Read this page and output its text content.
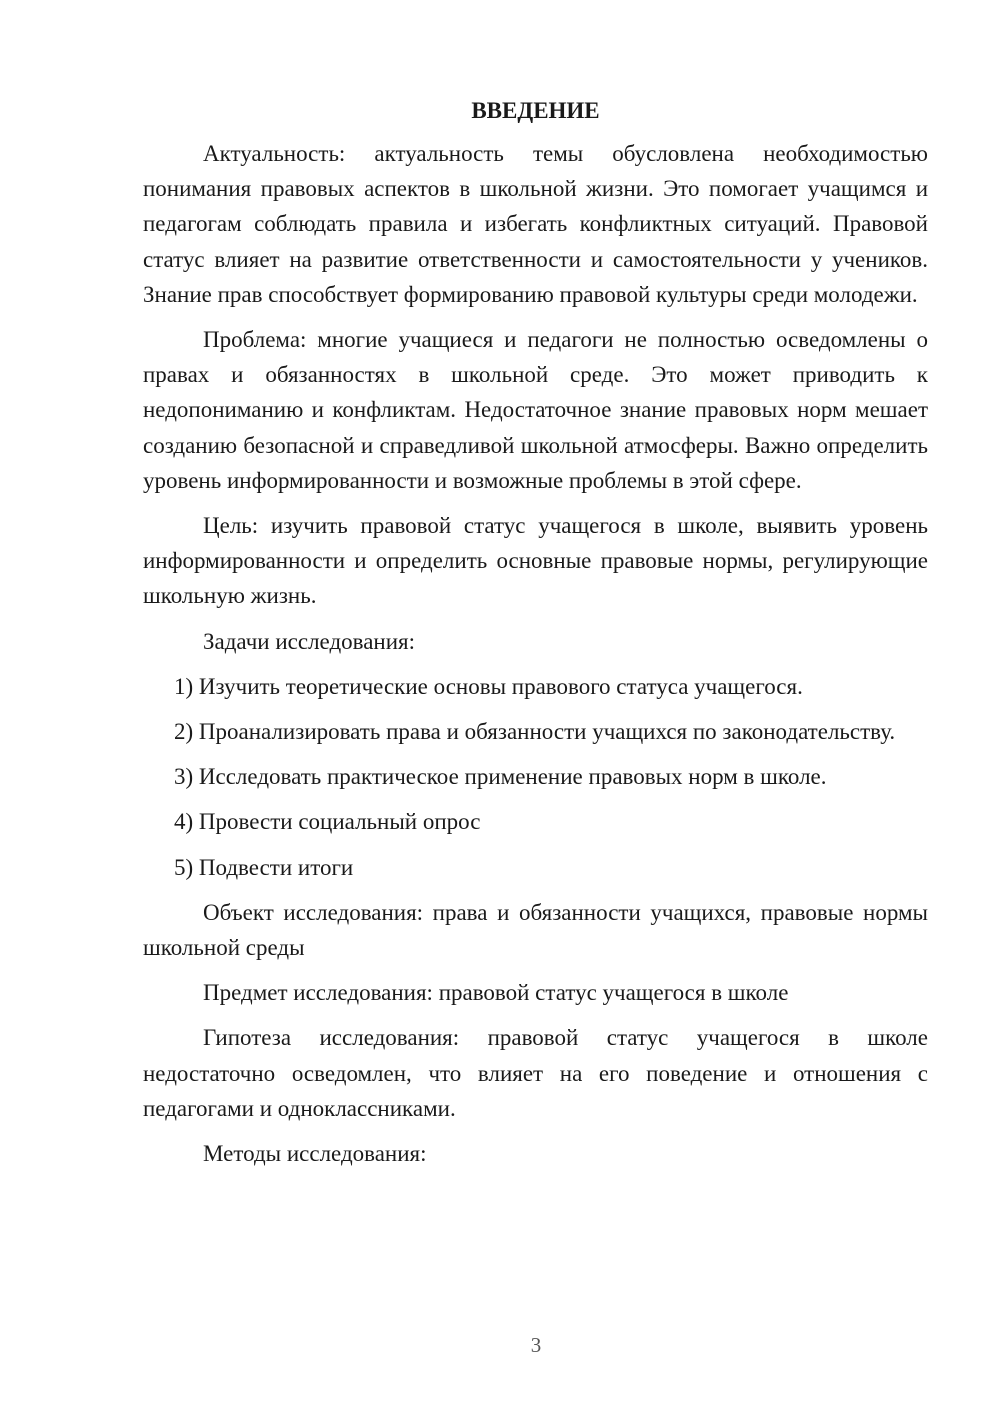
ВВЕДЕНИЕ

Актуальность: актуальность темы обусловлена необходимостью понимания правовых аспектов в школьной жизни. Это помогает учащимся и педагогам соблюдать правила и избегать конфликтных ситуаций. Правовой статус влияет на развитие ответственности и самостоятельности у учеников. Знание прав способствует формированию правовой культуры среди молодежи.

Проблема: многие учащиеся и педагоги не полностью осведомлены о правах и обязанностях в школьной среде. Это может приводить к недопониманию и конфликтам. Недостаточное знание правовых норм мешает созданию безопасной и справедливой школьной атмосферы. Важно определить уровень информированности и возможные проблемы в этой сфере.

Цель: изучить правовой статус учащегося в школе, выявить уровень информированности и определить основные правовые нормы, регулирующие школьную жизнь.

Задачи исследования:

1) Изучить теоретические основы правового статуса учащегося.

2) Проанализировать права и обязанности учащихся по законодательству.

3) Исследовать практическое применение правовых норм в школе.

4) Провести социальный опрос

5) Подвести итоги

Объект исследования: права и обязанности учащихся, правовые нормы школьной среды

Предмет исследования: правовой статус учащегося в школе

Гипотеза исследования: правовой статус учащегося в школе недостаточно осведомлен, что влияет на его поведение и отношения с педагогами и одноклассниками.

Методы исследования:

3
